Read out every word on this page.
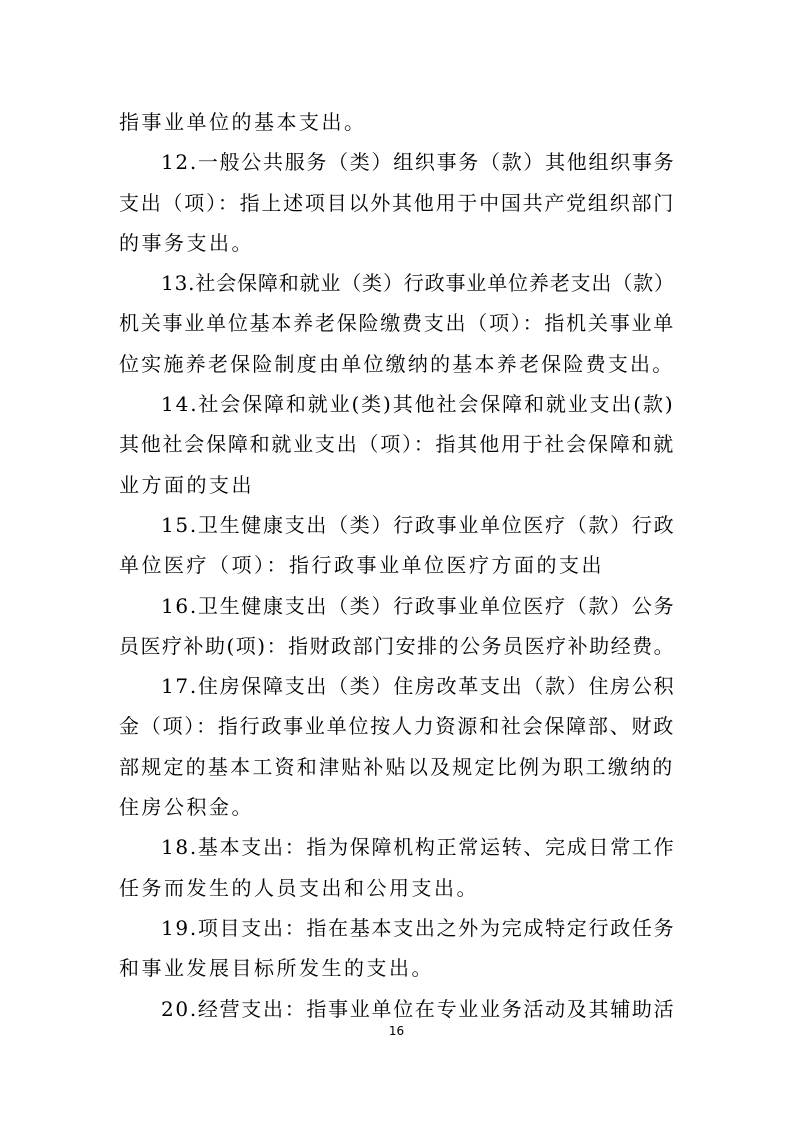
指事业单位的基本支出。
12.一般公共服务（类）组织事务（款）其他组织事务
支出（项）：指上述项目以外其他用于中国共产党组织部门
的事务支出。
13.社会保障和就业（类）行政事业单位养老支出（款）
机关事业单位基本养老保险缴费支出（项）：指机关事业单
位实施养老保险制度由单位缴纳的基本养老保险费支出。
14.社会保障和就业(类)其他社会保障和就业支出(款)
其他社会保障和就业支出（项）：指其他用于社会保障和就
业方面的支出
15.卫生健康支出（类）行政事业单位医疗（款）行政
单位医疗（项）：指行政事业单位医疗方面的支出
16.卫生健康支出（类）行政事业单位医疗（款）公务
员医疗补助(项)：指财政部门安排的公务员医疗补助经费。
17.住房保障支出（类）住房改革支出（款）住房公积
金（项）：指行政事业单位按人力资源和社会保障部、财政
部规定的基本工资和津贴补贴以及规定比例为职工缴纳的
住房公积金。
18.基本支出：指为保障机构正常运转、完成日常工作
任务而发生的人员支出和公用支出。
19.项目支出：指在基本支出之外为完成特定行政任务
和事业发展目标所发生的支出。
20.经营支出：指事业单位在专业业务活动及其辅助活
16
